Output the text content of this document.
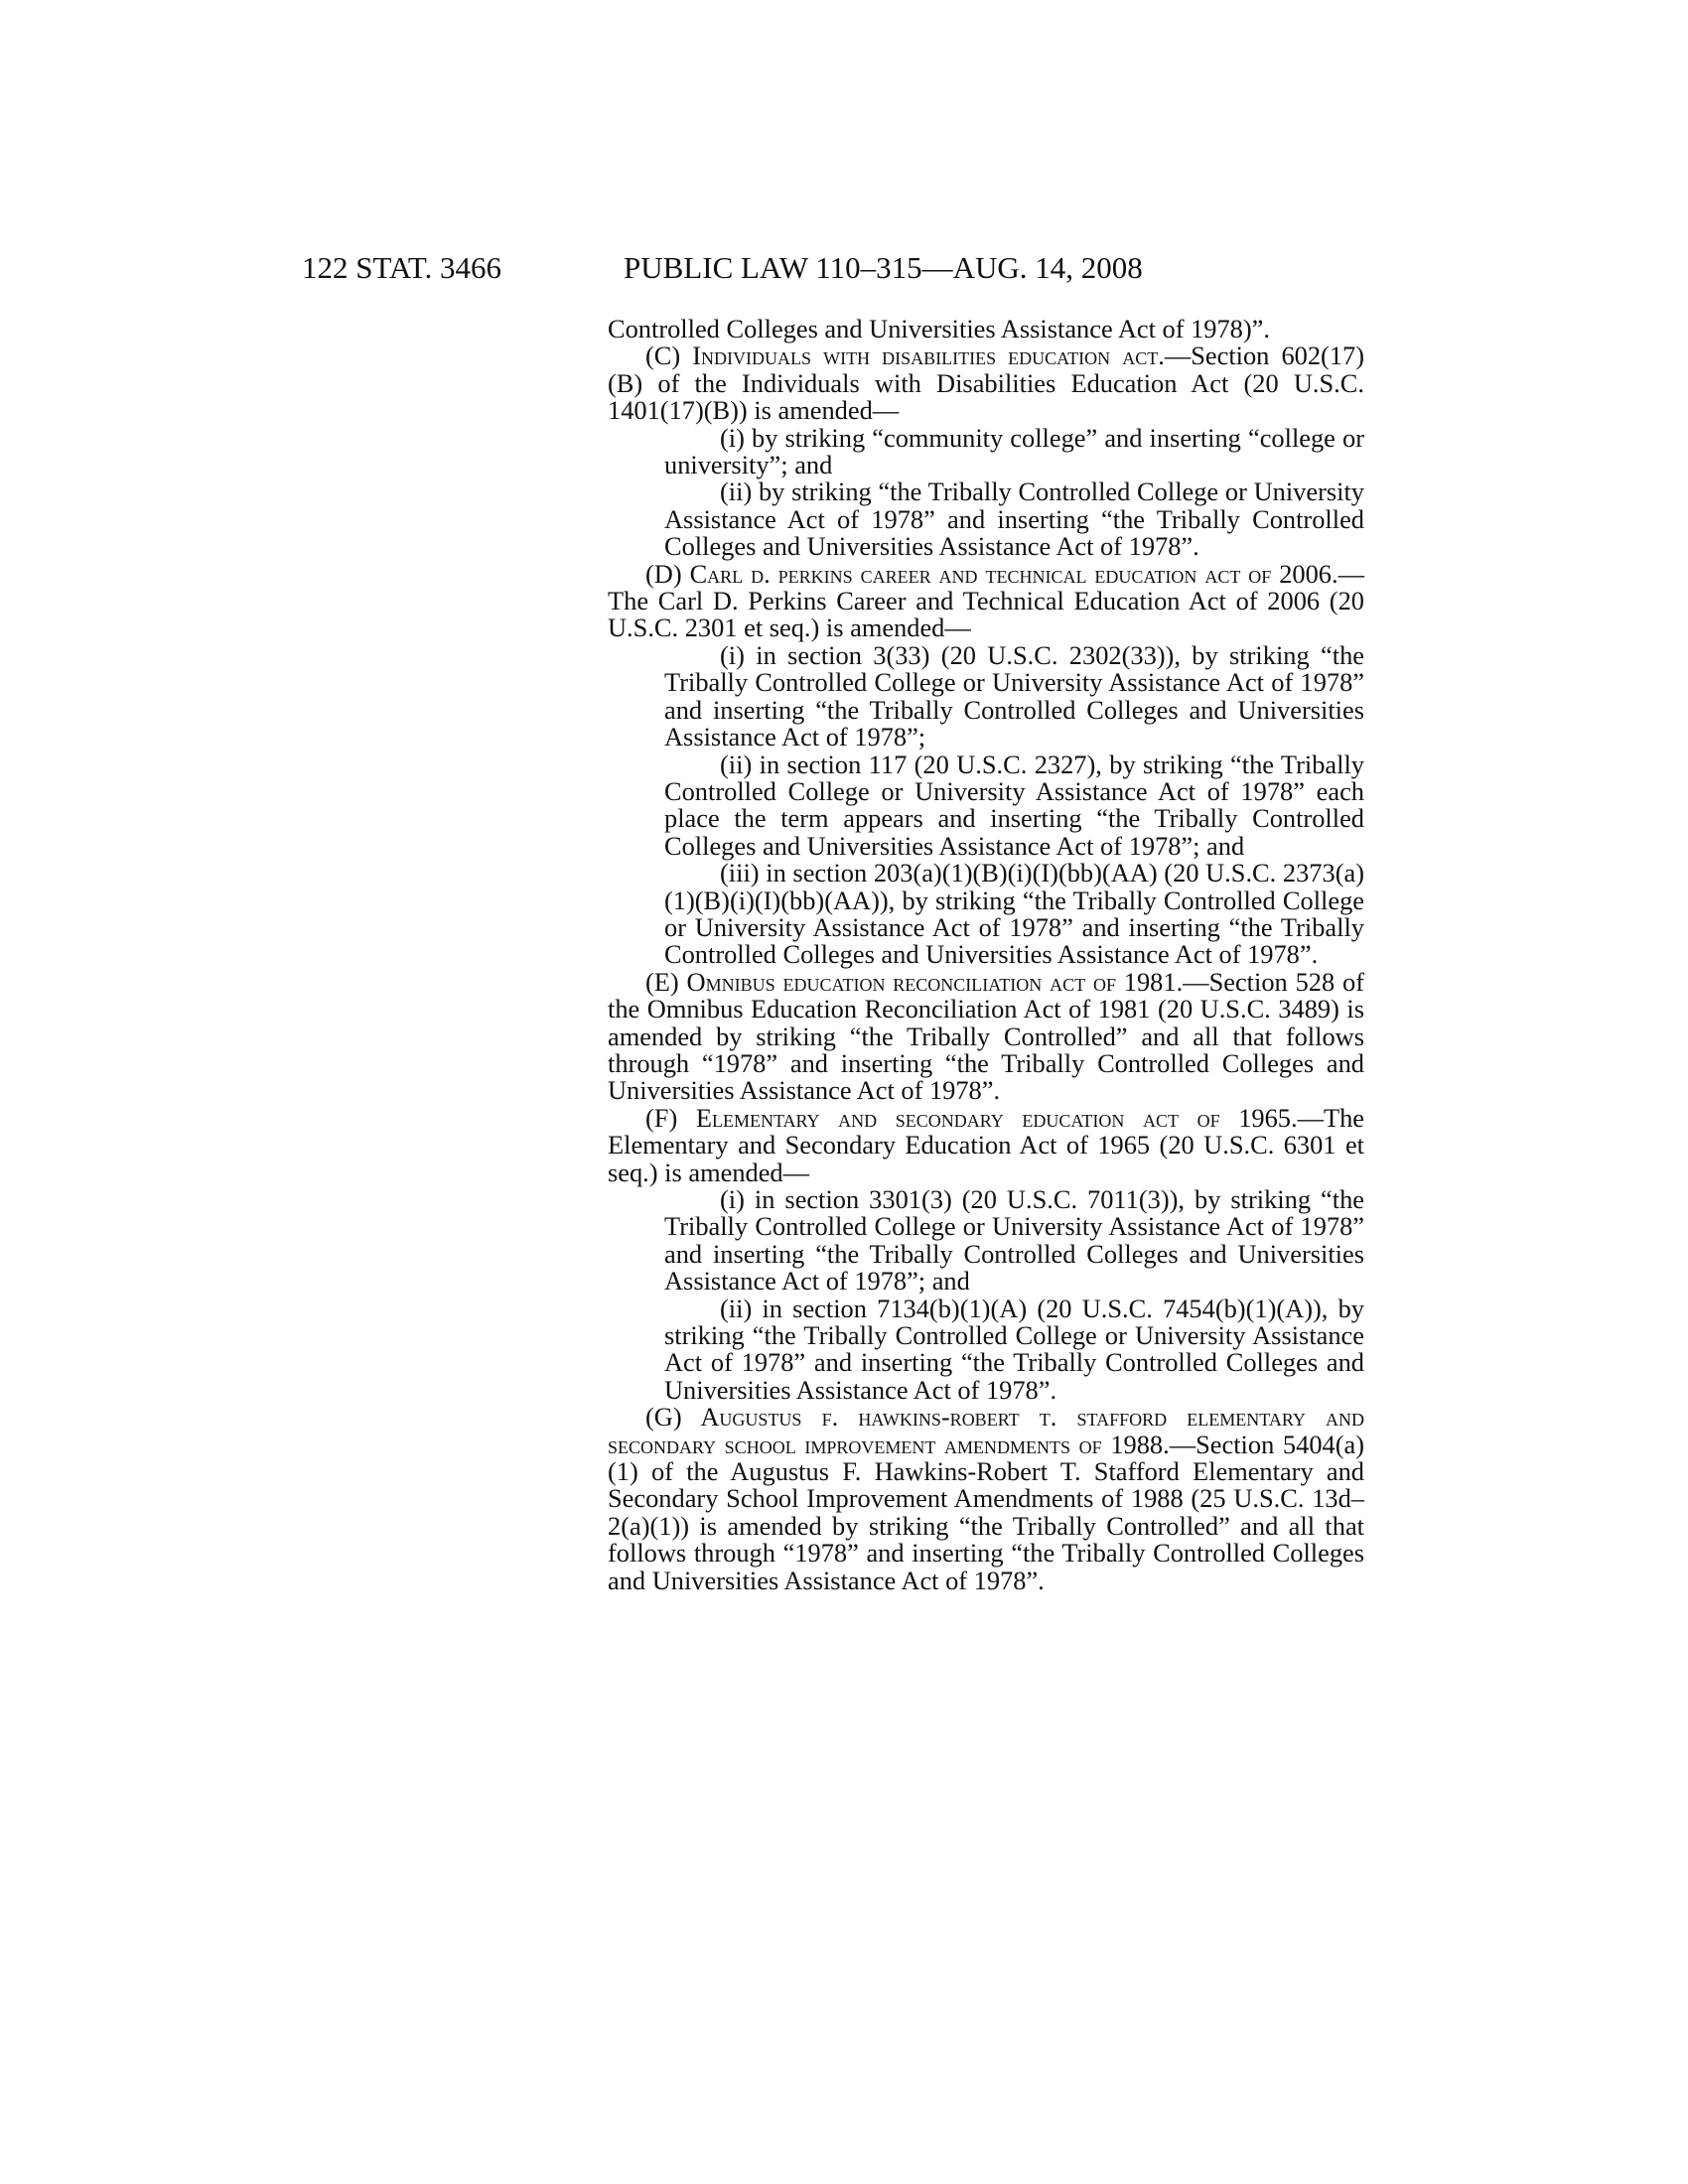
122 STAT. 3466	PUBLIC LAW 110–315—AUG. 14, 2008

Controlled Colleges and Universities Assistance Act of 1978)”.

(C) Individuals with disabilities education act.—Section 602(17)(B) of the Individuals with Disabilities Education Act (20 U.S.C. 1401(17)(B)) is amended—

(i) by striking “community college” and inserting “college or university”; and

(ii) by striking “the Tribally Controlled College or University Assistance Act of 1978” and inserting “the Tribally Controlled Colleges and Universities Assistance Act of 1978”.

(D) Carl d. perkins career and technical education act of 2006.—The Carl D. Perkins Career and Technical Education Act of 2006 (20 U.S.C. 2301 et seq.) is amended—

(i) in section 3(33) (20 U.S.C. 2302(33)), by striking “the Tribally Controlled College or University Assistance Act of 1978” and inserting “the Tribally Controlled Colleges and Universities Assistance Act of 1978”;

(ii) in section 117 (20 U.S.C. 2327), by striking “the Tribally Controlled College or University Assistance Act of 1978” each place the term appears and inserting “the Tribally Controlled Colleges and Universities Assistance Act of 1978”; and

(iii) in section 203(a)(1)(B)(i)(I)(bb)(AA) (20 U.S.C. 2373(a)(1)(B)(i)(I)(bb)(AA)), by striking “the Tribally Controlled College or University Assistance Act of 1978” and inserting “the Tribally Controlled Colleges and Universities Assistance Act of 1978”.

(E) Omnibus education reconciliation act of 1981.—Section 528 of the Omnibus Education Reconciliation Act of 1981 (20 U.S.C. 3489) is amended by striking “the Tribally Controlled” and all that follows through “1978” and inserting “the Tribally Controlled Colleges and Universities Assistance Act of 1978”.

(F) Elementary and secondary education act of 1965.—The Elementary and Secondary Education Act of 1965 (20 U.S.C. 6301 et seq.) is amended—

(i) in section 3301(3) (20 U.S.C. 7011(3)), by striking “the Tribally Controlled College or University Assistance Act of 1978” and inserting “the Tribally Controlled Colleges and Universities Assistance Act of 1978”; and

(ii) in section 7134(b)(1)(A) (20 U.S.C. 7454(b)(1)(A)), by striking “the Tribally Controlled College or University Assistance Act of 1978” and inserting “the Tribally Controlled Colleges and Universities Assistance Act of 1978”.

(G) Augustus f. hawkins-robert t. stafford elementary and secondary school improvement amendments of 1988.—Section 5404(a)(1) of the Augustus F. Hawkins-Robert T. Stafford Elementary and Secondary School Improvement Amendments of 1988 (25 U.S.C. 13d–2(a)(1)) is amended by striking “the Tribally Controlled” and all that follows through “1978” and inserting “the Tribally Controlled Colleges and Universities Assistance Act of 1978”.
